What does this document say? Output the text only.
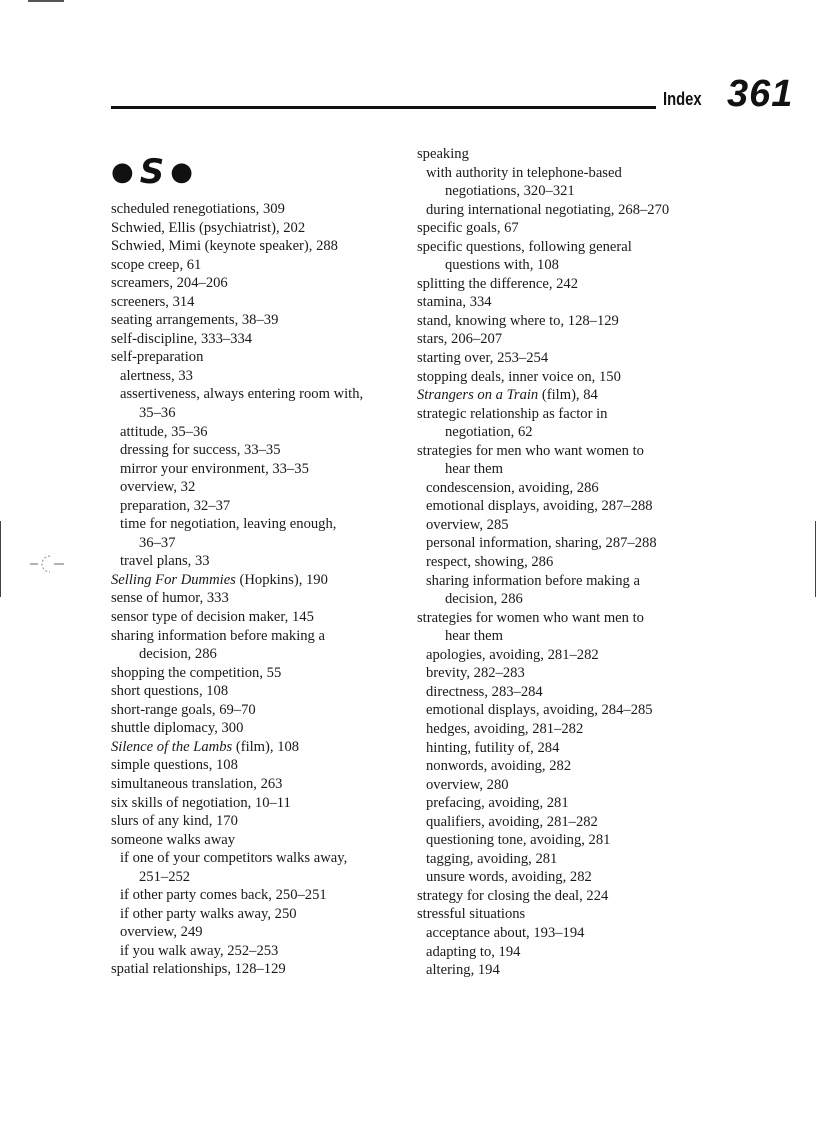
Index 361
● S ●
scheduled renegotiations, 309
Schwied, Ellis (psychiatrist), 202
Schwied, Mimi (keynote speaker), 288
scope creep, 61
screamers, 204–206
screeners, 314
seating arrangements, 38–39
self-discipline, 333–334
self-preparation
alertness, 33
assertiveness, always entering room with,
35–36
attitude, 35–36
dressing for success, 33–35
mirror your environment, 33–35
overview, 32
preparation, 32–37
time for negotiation, leaving enough,
36–37
travel plans, 33
Selling For Dummies (Hopkins), 190
sense of humor, 333
sensor type of decision maker, 145
sharing information before making a
decision, 286
shopping the competition, 55
short questions, 108
short-range goals, 69–70
shuttle diplomacy, 300
Silence of the Lambs (film), 108
simple questions, 108
simultaneous translation, 263
six skills of negotiation, 10–11
slurs of any kind, 170
someone walks away
if one of your competitors walks away,
251–252
if other party comes back, 250–251
if other party walks away, 250
overview, 249
if you walk away, 252–253
spatial relationships, 128–129
speaking
with authority in telephone-based
negotiations, 320–321
during international negotiating, 268–270
specific goals, 67
specific questions, following general
questions with, 108
splitting the difference, 242
stamina, 334
stand, knowing where to, 128–129
stars, 206–207
starting over, 253–254
stopping deals, inner voice on, 150
Strangers on a Train (film), 84
strategic relationship as factor in
negotiation, 62
strategies for men who want women to
hear them
condescension, avoiding, 286
emotional displays, avoiding, 287–288
overview, 285
personal information, sharing, 287–288
respect, showing, 286
sharing information before making a
decision, 286
strategies for women who want men to
hear them
apologies, avoiding, 281–282
brevity, 282–283
directness, 283–284
emotional displays, avoiding, 284–285
hedges, avoiding, 281–282
hinting, futility of, 284
nonwords, avoiding, 282
overview, 280
prefacing, avoiding, 281
qualifiers, avoiding, 281–282
questioning tone, avoiding, 281
tagging, avoiding, 281
unsure words, avoiding, 282
strategy for closing the deal, 224
stressful situations
acceptance about, 193–194
adapting to, 194
altering, 194
